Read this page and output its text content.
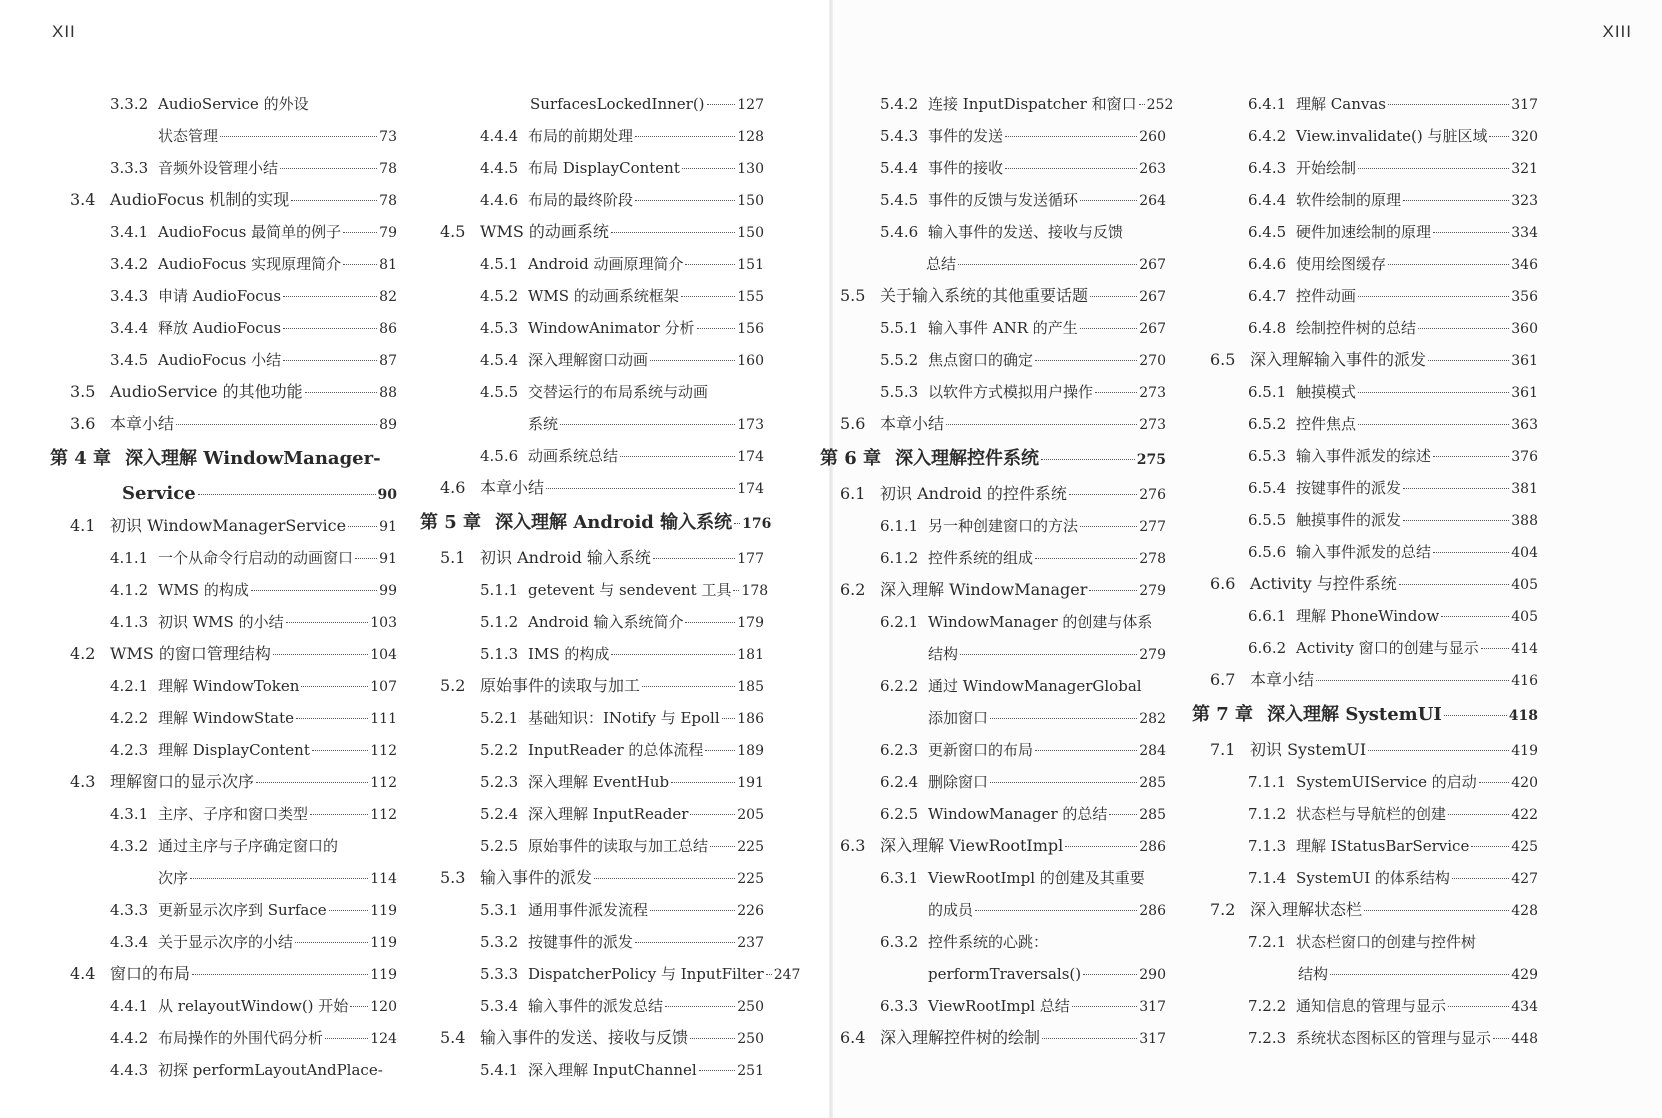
XII	XIII
3.3.2 AudioService 的外设
状态管理	73
3.3.3 音频外设管理小结	78
3.4 AudioFocus 机制的实现	78
3.4.1 AudioFocus 最简单的例子	79
3.4.2 AudioFocus 实现原理简介	81
3.4.3 申请 AudioFocus	82
3.4.4 释放 AudioFocus	86
3.4.5 AudioFocus 小结	87
3.5 AudioService 的其他功能	88
3.6 本章小结	89
第 4 章 深入理解 WindowManager-
Service	90
4.1 初识 WindowManagerService 91
4.1.1 一个从命令行启动的动画窗口 91
4.1.2 WMS 的构成	99
4.1.3 初识 WMS 的小结	103
4.2 WMS 的窗口管理结构	104
4.2.1 理解 WindowToken	107
4.2.2 理解 WindowState	111
4.2.3 理解 DisplayContent	112
4.3 理解窗口的显示次序	112
4.3.1 主序、子序和窗口类型	112
4.3.2 通过主序与子序确定窗口的
次序	114
4.3.3 更新显示次序到 Surface	119
4.3.4 关于显示次序的小结	119
4.4 窗口的布局	119
4.4.1 从 relayoutWindow() 开始 120
4.4.2 布局操作的外围代码分析	124
4.4.3 初探 performLayoutAndPlace-
SurfacesLockedInner() 127
4.4.4 布局的前期处理	128
4.4.5 布局 DisplayContent	130
4.4.6 布局的最终阶段	150
4.5 WMS 的动画系统	150
4.5.1 Android 动画原理简介	151
4.5.2 WMS 的动画系统框架	155
4.5.3 WindowAnimator 分析	156
4.5.4 深入理解窗口动画	160
4.5.5 交替运行的布局系统与动画
系统	173
4.5.6 动画系统总结	174
4.6 本章小结	174
第 5 章 深入理解 Android 输入系统 176
5.1 初识 Android 输入系统	177
5.1.1 getevent 与 sendevent 工具 178
5.1.2 Android 输入系统简介	179
5.1.3 IMS 的构成	181
5.2 原始事件的读取与加工	185
5.2.1 基础知识：INotify 与 Epoll 186
5.2.2 InputReader 的总体流程 189
5.2.3 深入理解 EventHub	191
5.2.4 深入理解 InputReader	205
5.2.5 原始事件的读取与加工总结 225
5.3 输入事件的派发	225
5.3.1 通用事件派发流程	226
5.3.2 按键事件的派发	237
5.3.3 DispatcherPolicy 与 InputFilter 247
5.3.4 输入事件的派发总结	250
5.4 输入事件的发送、接收与反馈	250
5.4.1 深入理解 InputChannel	251
5.4.2 连接 InputDispatcher 和窗口 252
5.4.3 事件的发送	260
5.4.4 事件的接收	263
5.4.5 事件的反馈与发送循环	264
5.4.6 输入事件的发送、接收与反馈
总结	267
5.5 关于输入系统的其他重要话题	267
5.5.1 输入事件 ANR 的产生	267
5.5.2 焦点窗口的确定	270
5.5.3 以软件方式模拟用户操作	273
5.6 本章小结	273
第 6 章 深入理解控件系统	275
6.1 初识 Android 的控件系统	276
6.1.1 另一种创建窗口的方法	277
6.1.2 控件系统的组成	278
6.2 深入理解 WindowManager	279
6.2.1 WindowManager 的创建与体系
结构	279
6.2.2 通过 WindowManagerGlobal
添加窗口	282
6.2.3 更新窗口的布局	284
6.2.4 删除窗口	285
6.2.5 WindowManager 的总结 285
6.3 深入理解 ViewRootImpl	286
6.3.1 ViewRootImpl 的创建及其重要
的成员	286
6.3.2 控件系统的心跳：
performTraversals()	290
6.3.3 ViewRootImpl 总结	317
6.4 深入理解控件树的绘制	317
6.4.1 理解 Canvas	317
6.4.2 View.invalidate() 与脏区域 320
6.4.3 开始绘制	321
6.4.4 软件绘制的原理	323
6.4.5 硬件加速绘制的原理	334
6.4.6 使用绘图缓存	346
6.4.7 控件动画	356
6.4.8 绘制控件树的总结	360
6.5 深入理解输入事件的派发	361
6.5.1 触摸模式	361
6.5.2 控件焦点	363
6.5.3 输入事件派发的综述	376
6.5.4 按键事件的派发	381
6.5.5 触摸事件的派发	388
6.5.6 输入事件派发的总结	404
6.6 Activity 与控件系统	405
6.6.1 理解 PhoneWindow	405
6.6.2 Activity 窗口的创建与显示 414
6.7 本章小结	416
第 7 章 深入理解 SystemUI	418
7.1 初识 SystemUI	419
7.1.1 SystemUIService 的启动 420
7.1.2 状态栏与导航栏的创建	422
7.1.3 理解 IStatusBarService	425
7.1.4 SystemUI 的体系结构	427
7.2 深入理解状态栏	428
7.2.1 状态栏窗口的创建与控件树
结构	429
7.2.2 通知信息的管理与显示	434
7.2.3 系统状态图标区的管理与显示 448
